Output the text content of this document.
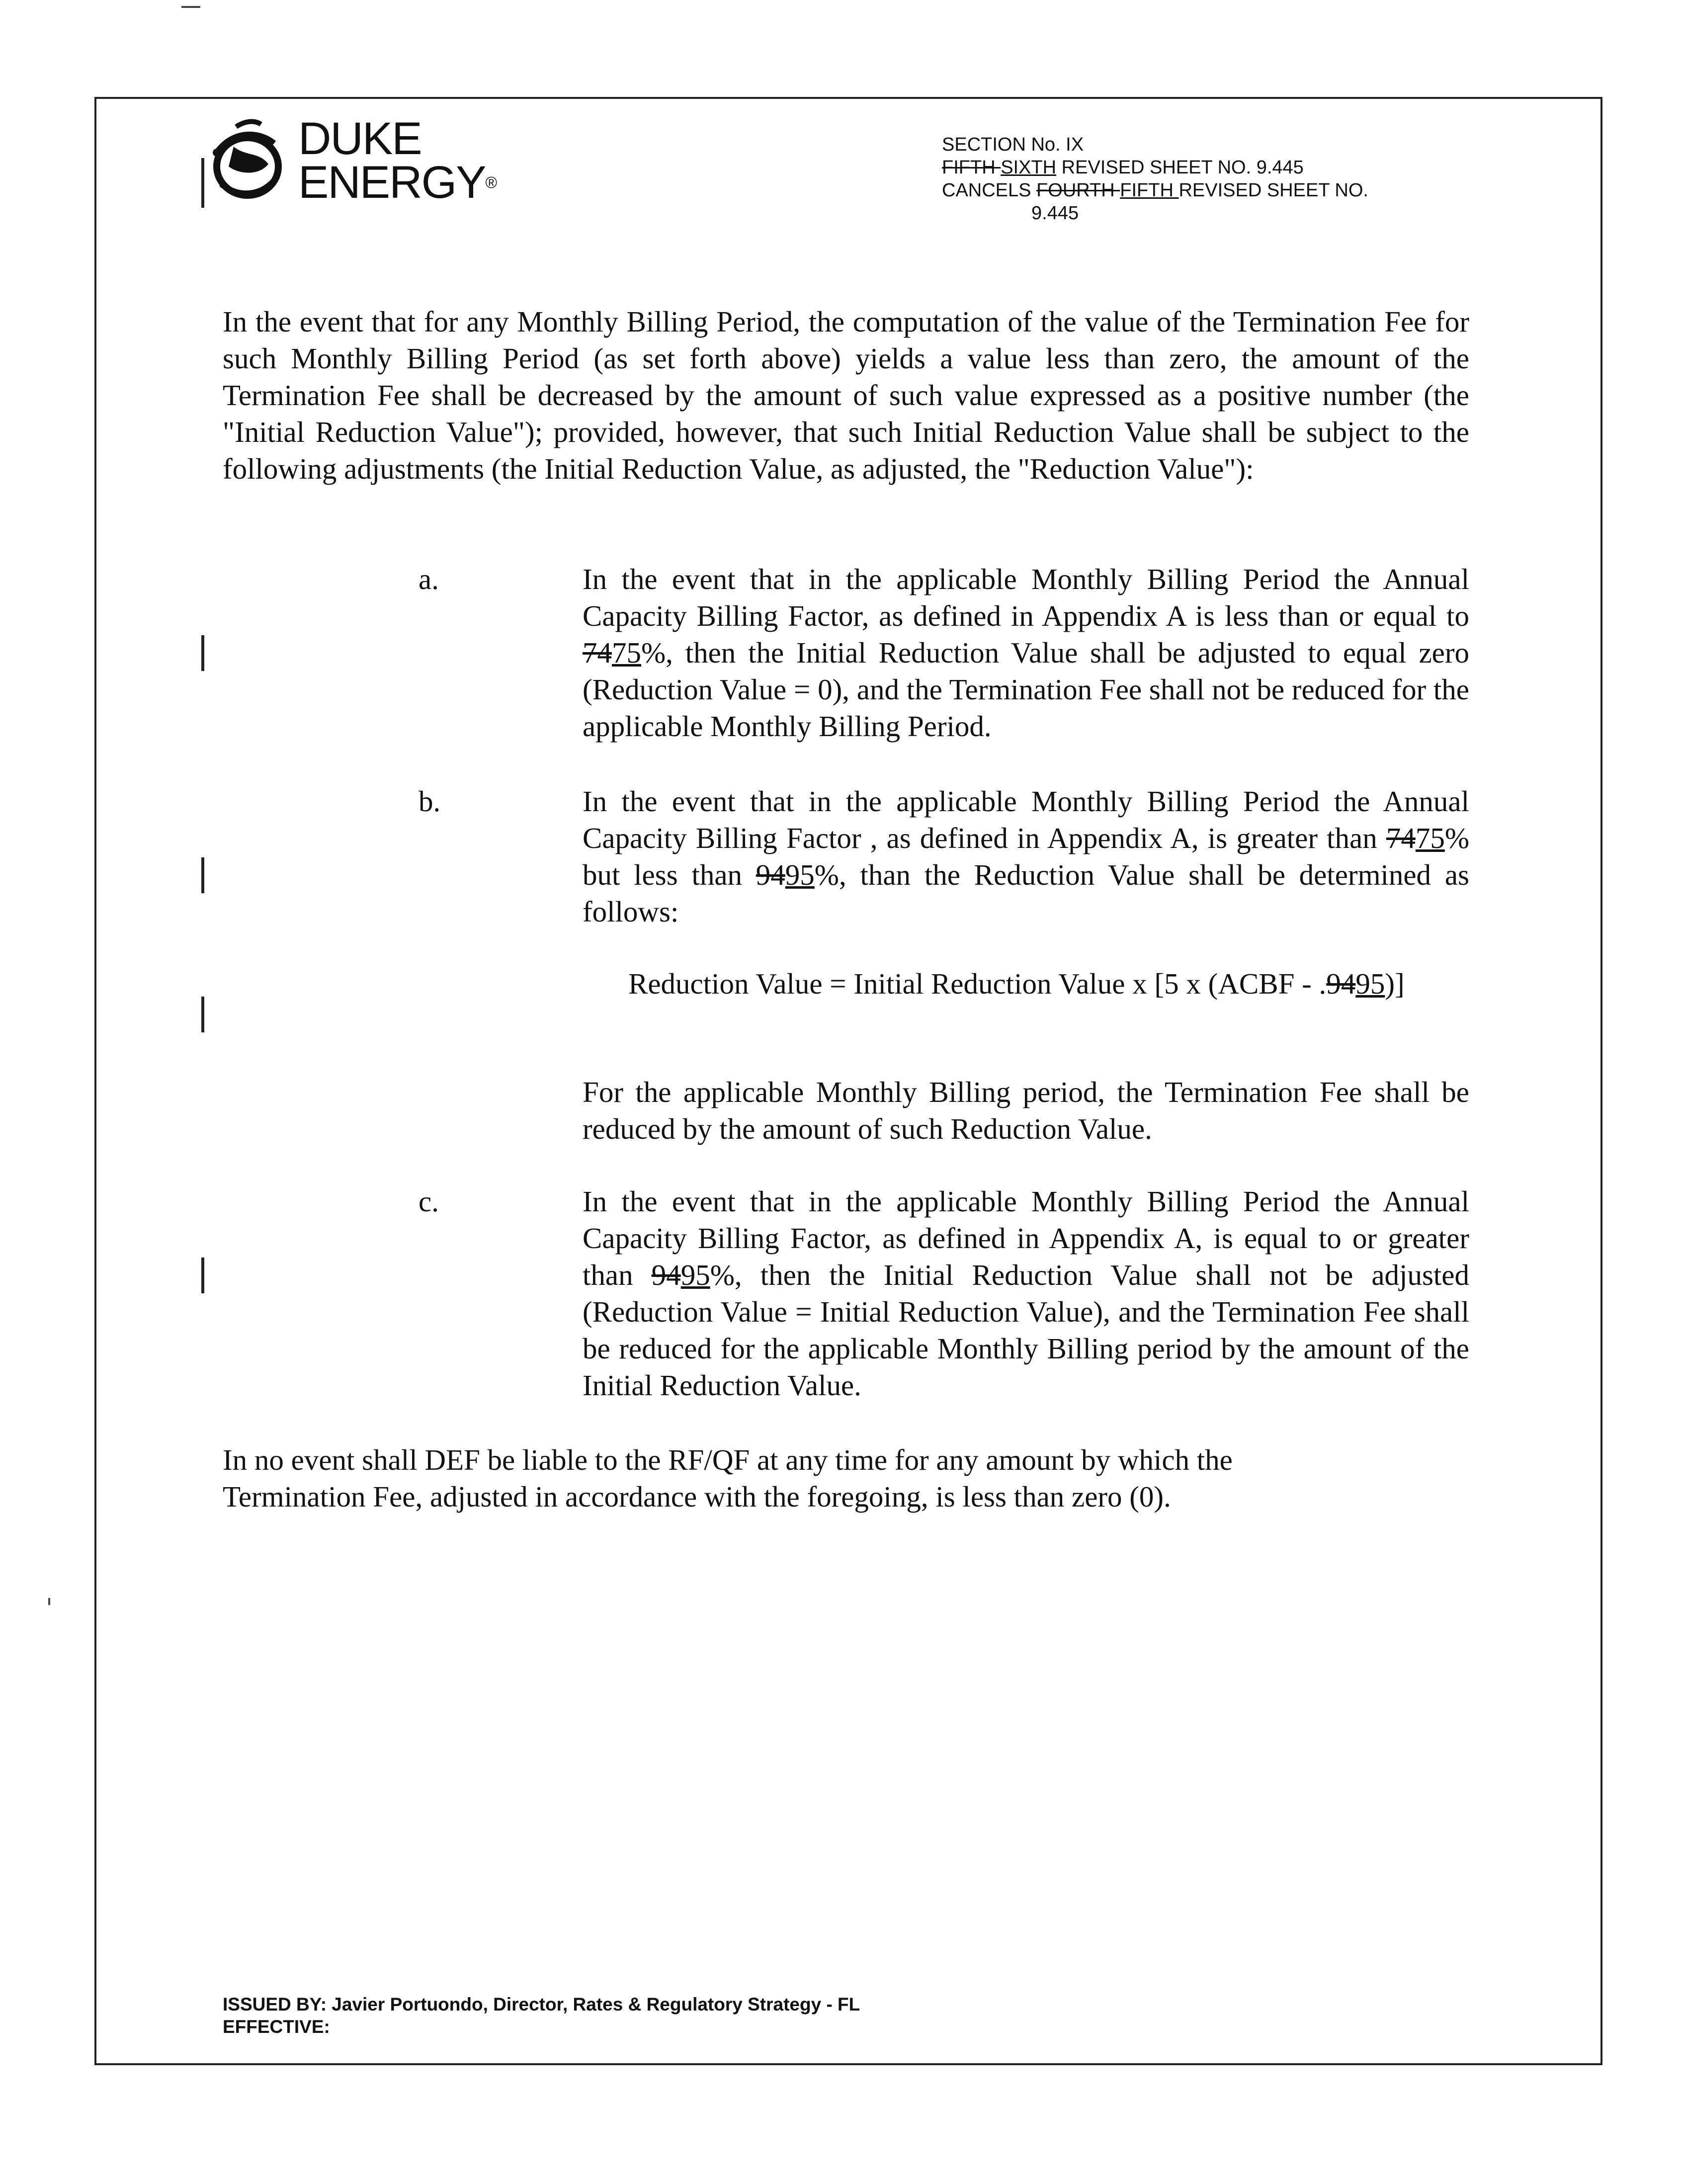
DUKE
ENERGY®
SECTION No. IX
FIFTH SIXTH REVISED SHEET NO. 9.445
CANCELS FOURTH FIFTH REVISED SHEET NO.
9.445
In the event that for any Monthly Billing Period, the computation of the value of the Termination Fee for such Monthly Billing Period (as set forth above) yields a value less than zero, the amount of the Termination Fee shall be decreased by the amount of such value expressed as a positive number (the "Initial Reduction Value"); provided, however, that such Initial Reduction Value shall be subject to the following adjustments (the Initial Reduction Value, as adjusted, the "Reduction Value"):
a.	In the event that in the applicable Monthly Billing Period the Annual Capacity Billing Factor, as defined in Appendix A is less than or equal to 7475%, then the Initial Reduction Value shall be adjusted to equal zero (Reduction Value = 0), and the Termination Fee shall not be reduced for the applicable Monthly Billing Period.
b.	In the event that in the applicable Monthly Billing Period the Annual Capacity Billing Factor , as defined in Appendix A, is greater than 7475% but less than 9495%, than the Reduction Value shall be determined as follows:
Reduction Value = Initial Reduction Value x [5 x (ACBF - .9495)]
For the applicable Monthly Billing period, the Termination Fee shall be reduced by the amount of such Reduction Value.
c.	In the event that in the applicable Monthly Billing Period the Annual Capacity Billing Factor, as defined in Appendix A, is equal to or greater than 9495%, then the Initial Reduction Value shall not be adjusted (Reduction Value = Initial Reduction Value), and the Termination Fee shall be reduced for the applicable Monthly Billing period by the amount of the Initial Reduction Value.
In no event shall DEF be liable to the RF/QF at any time for any amount by which the Termination Fee, adjusted in accordance with the foregoing, is less than zero (0).
ISSUED BY: Javier Portuondo, Director, Rates & Regulatory Strategy - FL
EFFECTIVE:
